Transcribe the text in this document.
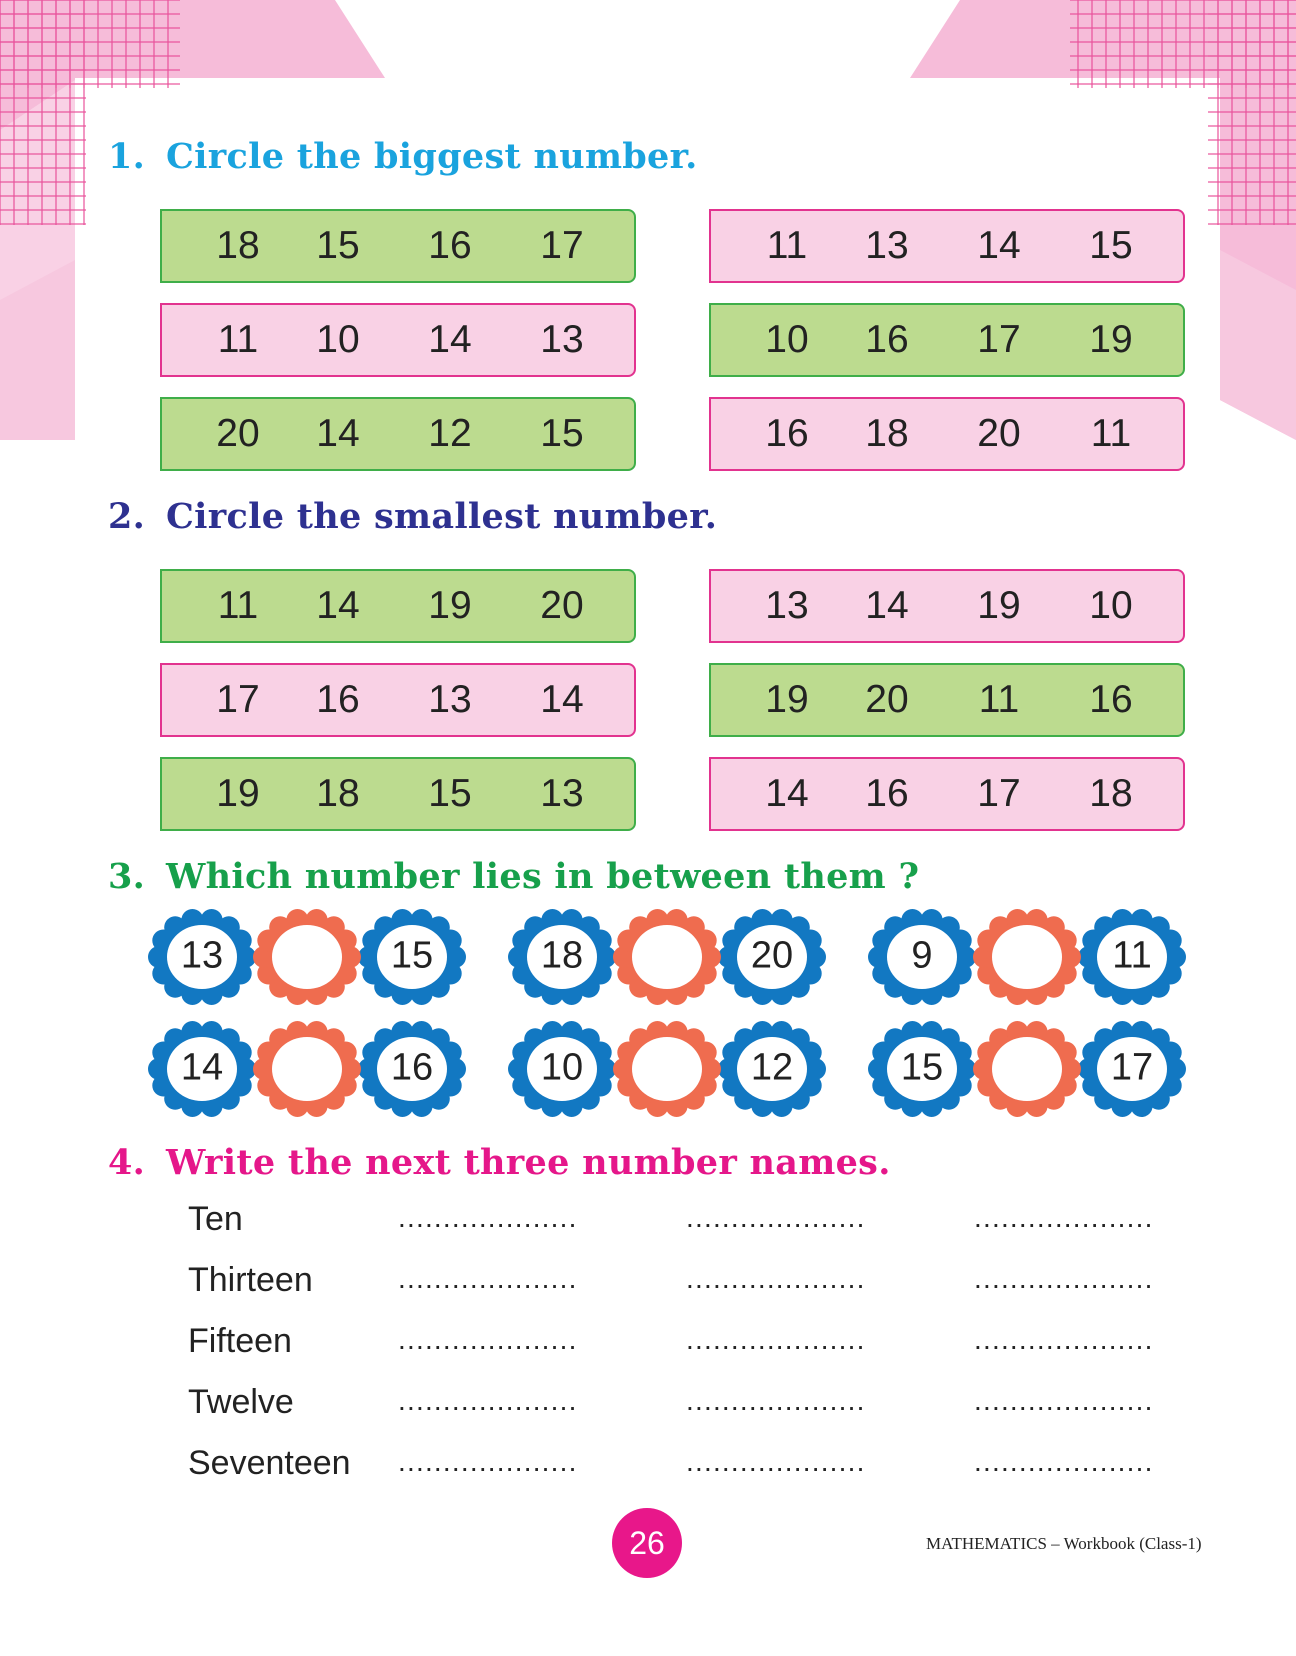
1. Circle the biggest number.
18 15 16 17	11 13 14 15
11 10 14 13	10 16 17 19
20 14 12 15	16 18 20 11
2. Circle the smallest number.
11 14 19 20	13 14 19 10
17 16 13 14	19 20 11 16
19 18 15 13	14 16 17 18
3. Which number lies in between them ?
13	15	18	20	9	11
14	16	10	12	15	17
4. Write the next three number names.
Ten	....................	....................	....................
Thirteen	....................	....................	....................
Fifteen	....................	....................	....................
Twelve	....................	....................	....................
Seventeen ....................	....................	....................
26	MATHEMATICS – Workbook (Class-1)
